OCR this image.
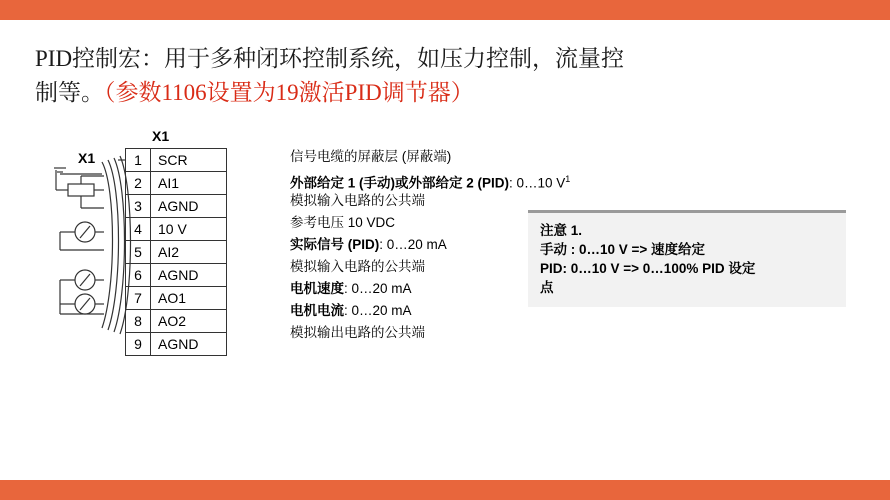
PID控制宏：用于多种闭环控制系统，如压力控制，流量控
制等。（参数1106设置为19激活PID调节器）
X1
X1	1	SCR
2	AI1
3	AGND
4	10 V
5	AI2
6	AGND
7	AO1
8	AO2
9	AGND
信号电缆的屏蔽层 (屏蔽端)
外部给定 1 (手动)或外部给定 2 (PID): 0…10 $V^1$
模拟输入电路的公共端
参考电压 10 VDC
实际信号 (PID): 0…20 mA
模拟输入电路的公共端
电机速度: 0…20 mA
电机电流: 0…20 mA
模拟输出电路的公共端
注意 1.
手动 : 0…10 V => 速度给定
PID: 0…10 V => 0…100% PID 设定
点
